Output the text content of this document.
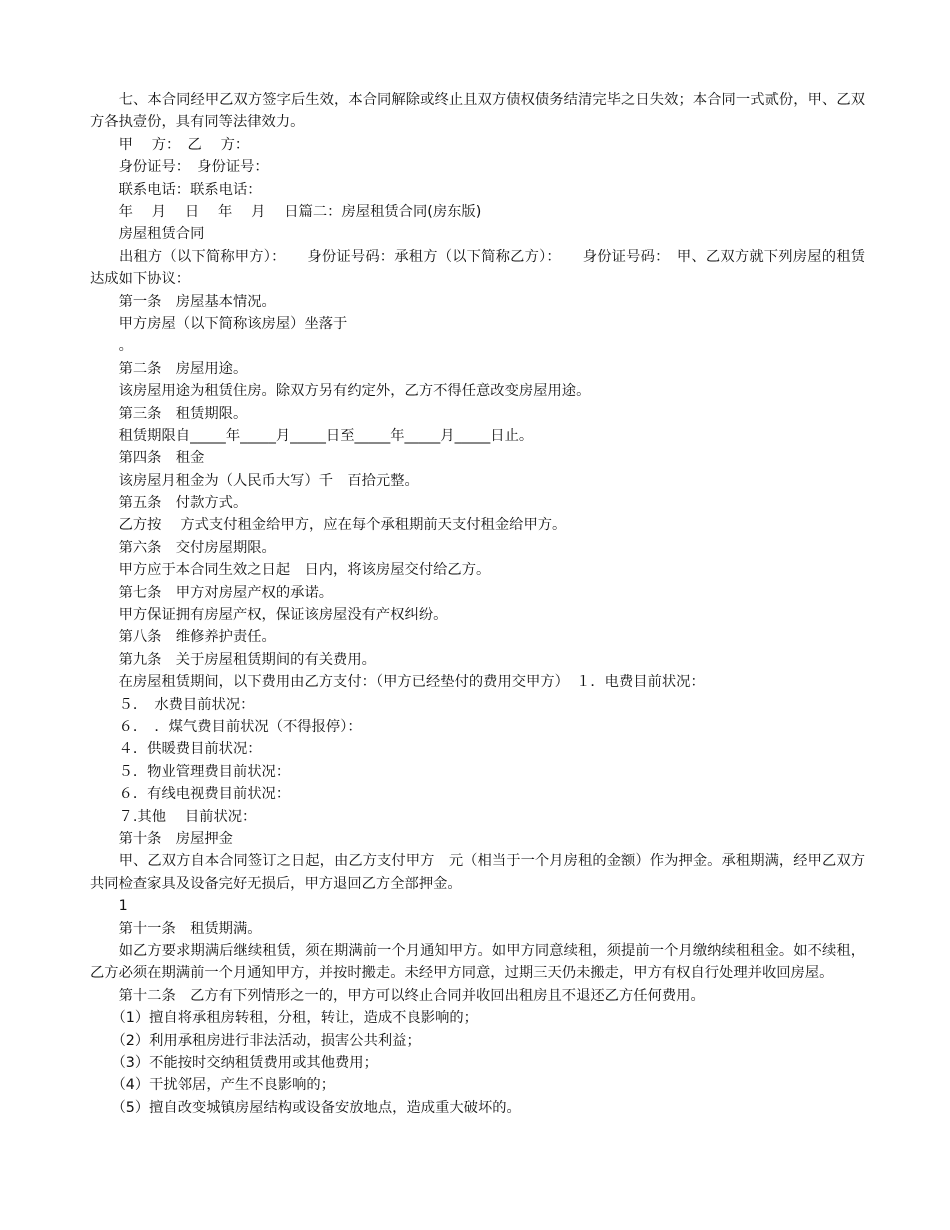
　　七、本合同经甲乙双方签字后生效，本合同解除或终止且双方债权债务结清完毕之日失效；本合同一式贰份，甲、乙双方各执壹份，具有同等法律效力。
　　甲　 方：　乙　 方：
　　身份证号：　身份证号：
　　联系电话：联系电话：
　　年　 月　 日　 年　 月　 日篇二：房屋租赁合同(房东版)
　　房屋租赁合同
　　出租方（以下简称甲方）：　　身份证号码：承租方（以下简称乙方）：　　身份证号码：　甲、乙双方就下列房屋的租赁达成如下协议：
　　第一条　房屋基本情况。
　　甲方房屋（以下简称该房屋）坐落于
　　。
　　第二条　房屋用途。
　　该房屋用途为租赁住房。除双方另有约定外，乙方不得任意改变房屋用途。
　　第三条　租赁期限。
　　租赁期限自_____年_____月_____日至_____年_____月_____日止。
　　第四条　租金
　　该房屋月租金为（人民币大写）千　百拾元整。
　　第五条　付款方式。
　　乙方按　 方式支付租金给甲方，应在每个承租期前天支付租金给甲方。
　　第六条　交付房屋期限。
　　甲方应于本合同生效之日起　日内，将该房屋交付给乙方。
　　第七条　甲方对房屋产权的承诺。
　　甲方保证拥有房屋产权，保证该房屋没有产权纠纷。
　　第八条　维修养护责任。
　　第九条　关于房屋租赁期间的有关费用。
　　在房屋租赁期间，以下费用由乙方支付：（甲方已经垫付的费用交甲方）　１．电费目前状况：
　　５．　水费目前状况：
　　６．　．煤气费目前状况（不得报停）：
　　４．供暖费目前状况：
　　５．物业管理费目前状况：
　　６．有线电视费目前状况：
　　７.其他　 目前状况：
　　第十条　房屋押金
　　甲、乙双方自本合同签订之日起，由乙方支付甲方　元（相当于一个月房租的金额）作为押金。承租期满，经甲乙双方共同检查家具及设备完好无损后，甲方退回乙方全部押金。
　　1
　　第十一条　租赁期满。
　　如乙方要求期满后继续租赁，须在期满前一个月通知甲方。如甲方同意续租，须提前一个月缴纳续租租金。如不续租，乙方必须在期满前一个月通知甲方，并按时搬走。未经甲方同意，过期三天仍未搬走，甲方有权自行处理并收回房屋。
　　第十二条　乙方有下列情形之一的，甲方可以终止合同并收回出租房且不退还乙方任何费用。
　　（1）擅自将承租房转租，分租，转让，造成不良影响的；
　　（2）利用承租房进行非法活动，损害公共利益；
　　（3）不能按时交纳租赁费用或其他费用；
　　（4）干扰邻居，产生不良影响的；
　　（5）擅自改变城镇房屋结构或设备安放地点，造成重大破坏的。
